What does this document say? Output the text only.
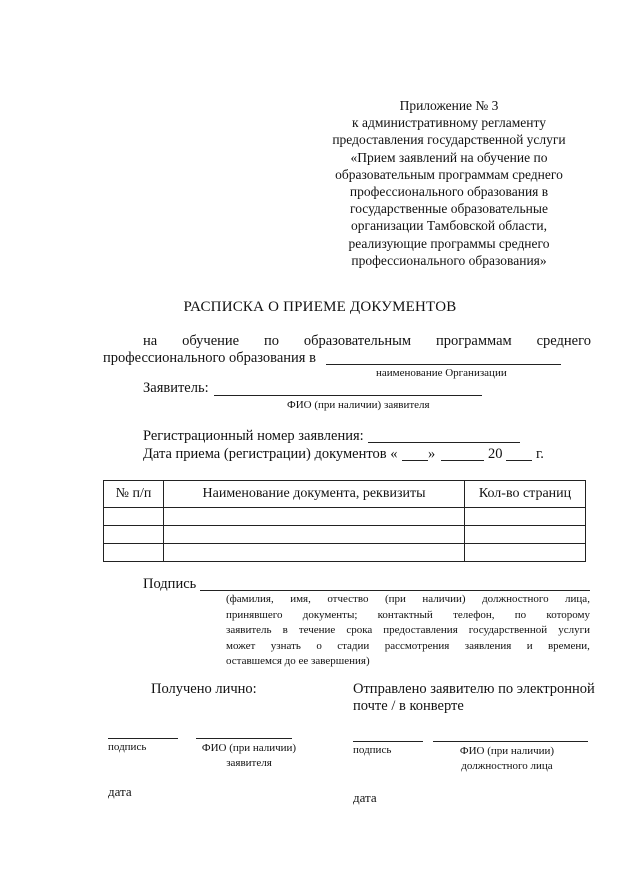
Приложение № 3
к административному регламенту
предоставления государственной услуги
«Прием заявлений на обучение по
образовательным программам среднего
профессионального образования в
государственные образовательные
организации Тамбовской области,
реализующие программы среднего
профессионального образования»
РАСПИСКА О ПРИЕМЕ ДОКУМЕНТОВ
на обучение по образовательным программам среднего
профессионального образования в
наименование Организации
Заявитель:
ФИО (при наличии) заявителя
Регистрационный номер заявления:
Дата приема (регистрации) документов « »	20 г.
№ п/п	Наименование документа, реквизиты	Кол-во страниц

Подпись
(фамилия, имя, отчество (при наличии) должностного лица,
принявшего документы; контактный телефон, по которому
заявитель в течение срока предоставления государственной услуги
может узнать о стадии рассмотрения заявления и времени,
оставшемся до ее завершения)
Получено лично:
подпись	ФИО (при наличии)
заявителя
дата
Отправлено заявителю по электронной
почте / в конверте
подпись	ФИО (при наличии)
должностного лица
дата
